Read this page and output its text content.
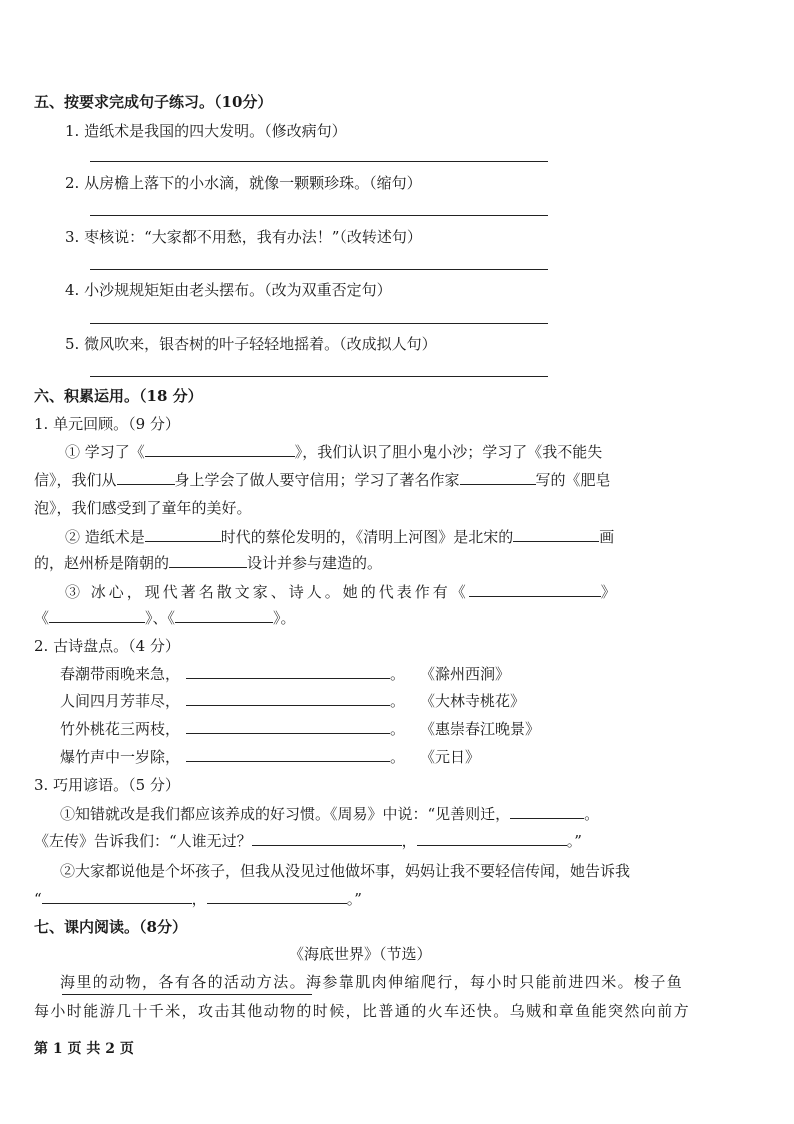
五、按要求完成句子练习。（10分）
1. 造纸术是我国的四大发明。（修改病句）
2. 从房檐上落下的小水滴，就像一颗颗珍珠。（缩句）
3. 枣核说：“大家都不用愁，我有办法！”（改转述句）
4. 小沙规规矩矩由老头摆布。（改为双重否定句）
5. 微风吹来，银杏树的叶子轻轻地摇着。（改成拟人句）
六、积累运用。（18 分）
1. 单元回顾。（9 分）
① 学习了《	》，我们认识了胆小鬼小沙；学习了《我不能失
信》，我们从	身上学会了做人要守信用；学习了著名作家	写的《肥皂
泡》，我们感受到了童年的美好。
② 造纸术是	时代的蔡伦发明的，《清明上河图》是北宋的	画
的，赵州桥是隋朝的	设计并参与建造的。
③ 冰心，现代著名散文家、诗人。她的代表作有《	》
《	》、《	》。
2. 古诗盘点。（4 分）
春潮带雨晚来急，	。 《滁州西涧》
人间四月芳菲尽，	。 《大林寺桃花》
竹外桃花三两枝，	。 《惠崇春江晚景》
爆竹声中一岁除，	。 《元日》
3. 巧用谚语。（5 分）
①知错就改是我们都应该养成的好习惯。《周易》中说：“见善则迁，	。
《左传》告诉我们：“人谁无过？	，	。”
②大家都说他是个坏孩子，但我从没见过他做坏事，妈妈让我不要轻信传闻，她告诉我
“	，	。”
七、课内阅读。（8分）
《海底世界》（节选）
海里的动物，各有各的活动方法。海参靠肌肉伸缩爬行，每小时只能前进四米。梭子鱼
每小时能游几十千米，攻击其他动物的时候，比普通的火车还快。乌贼和章鱼能突然向前方
第 1 页 共 2 页
